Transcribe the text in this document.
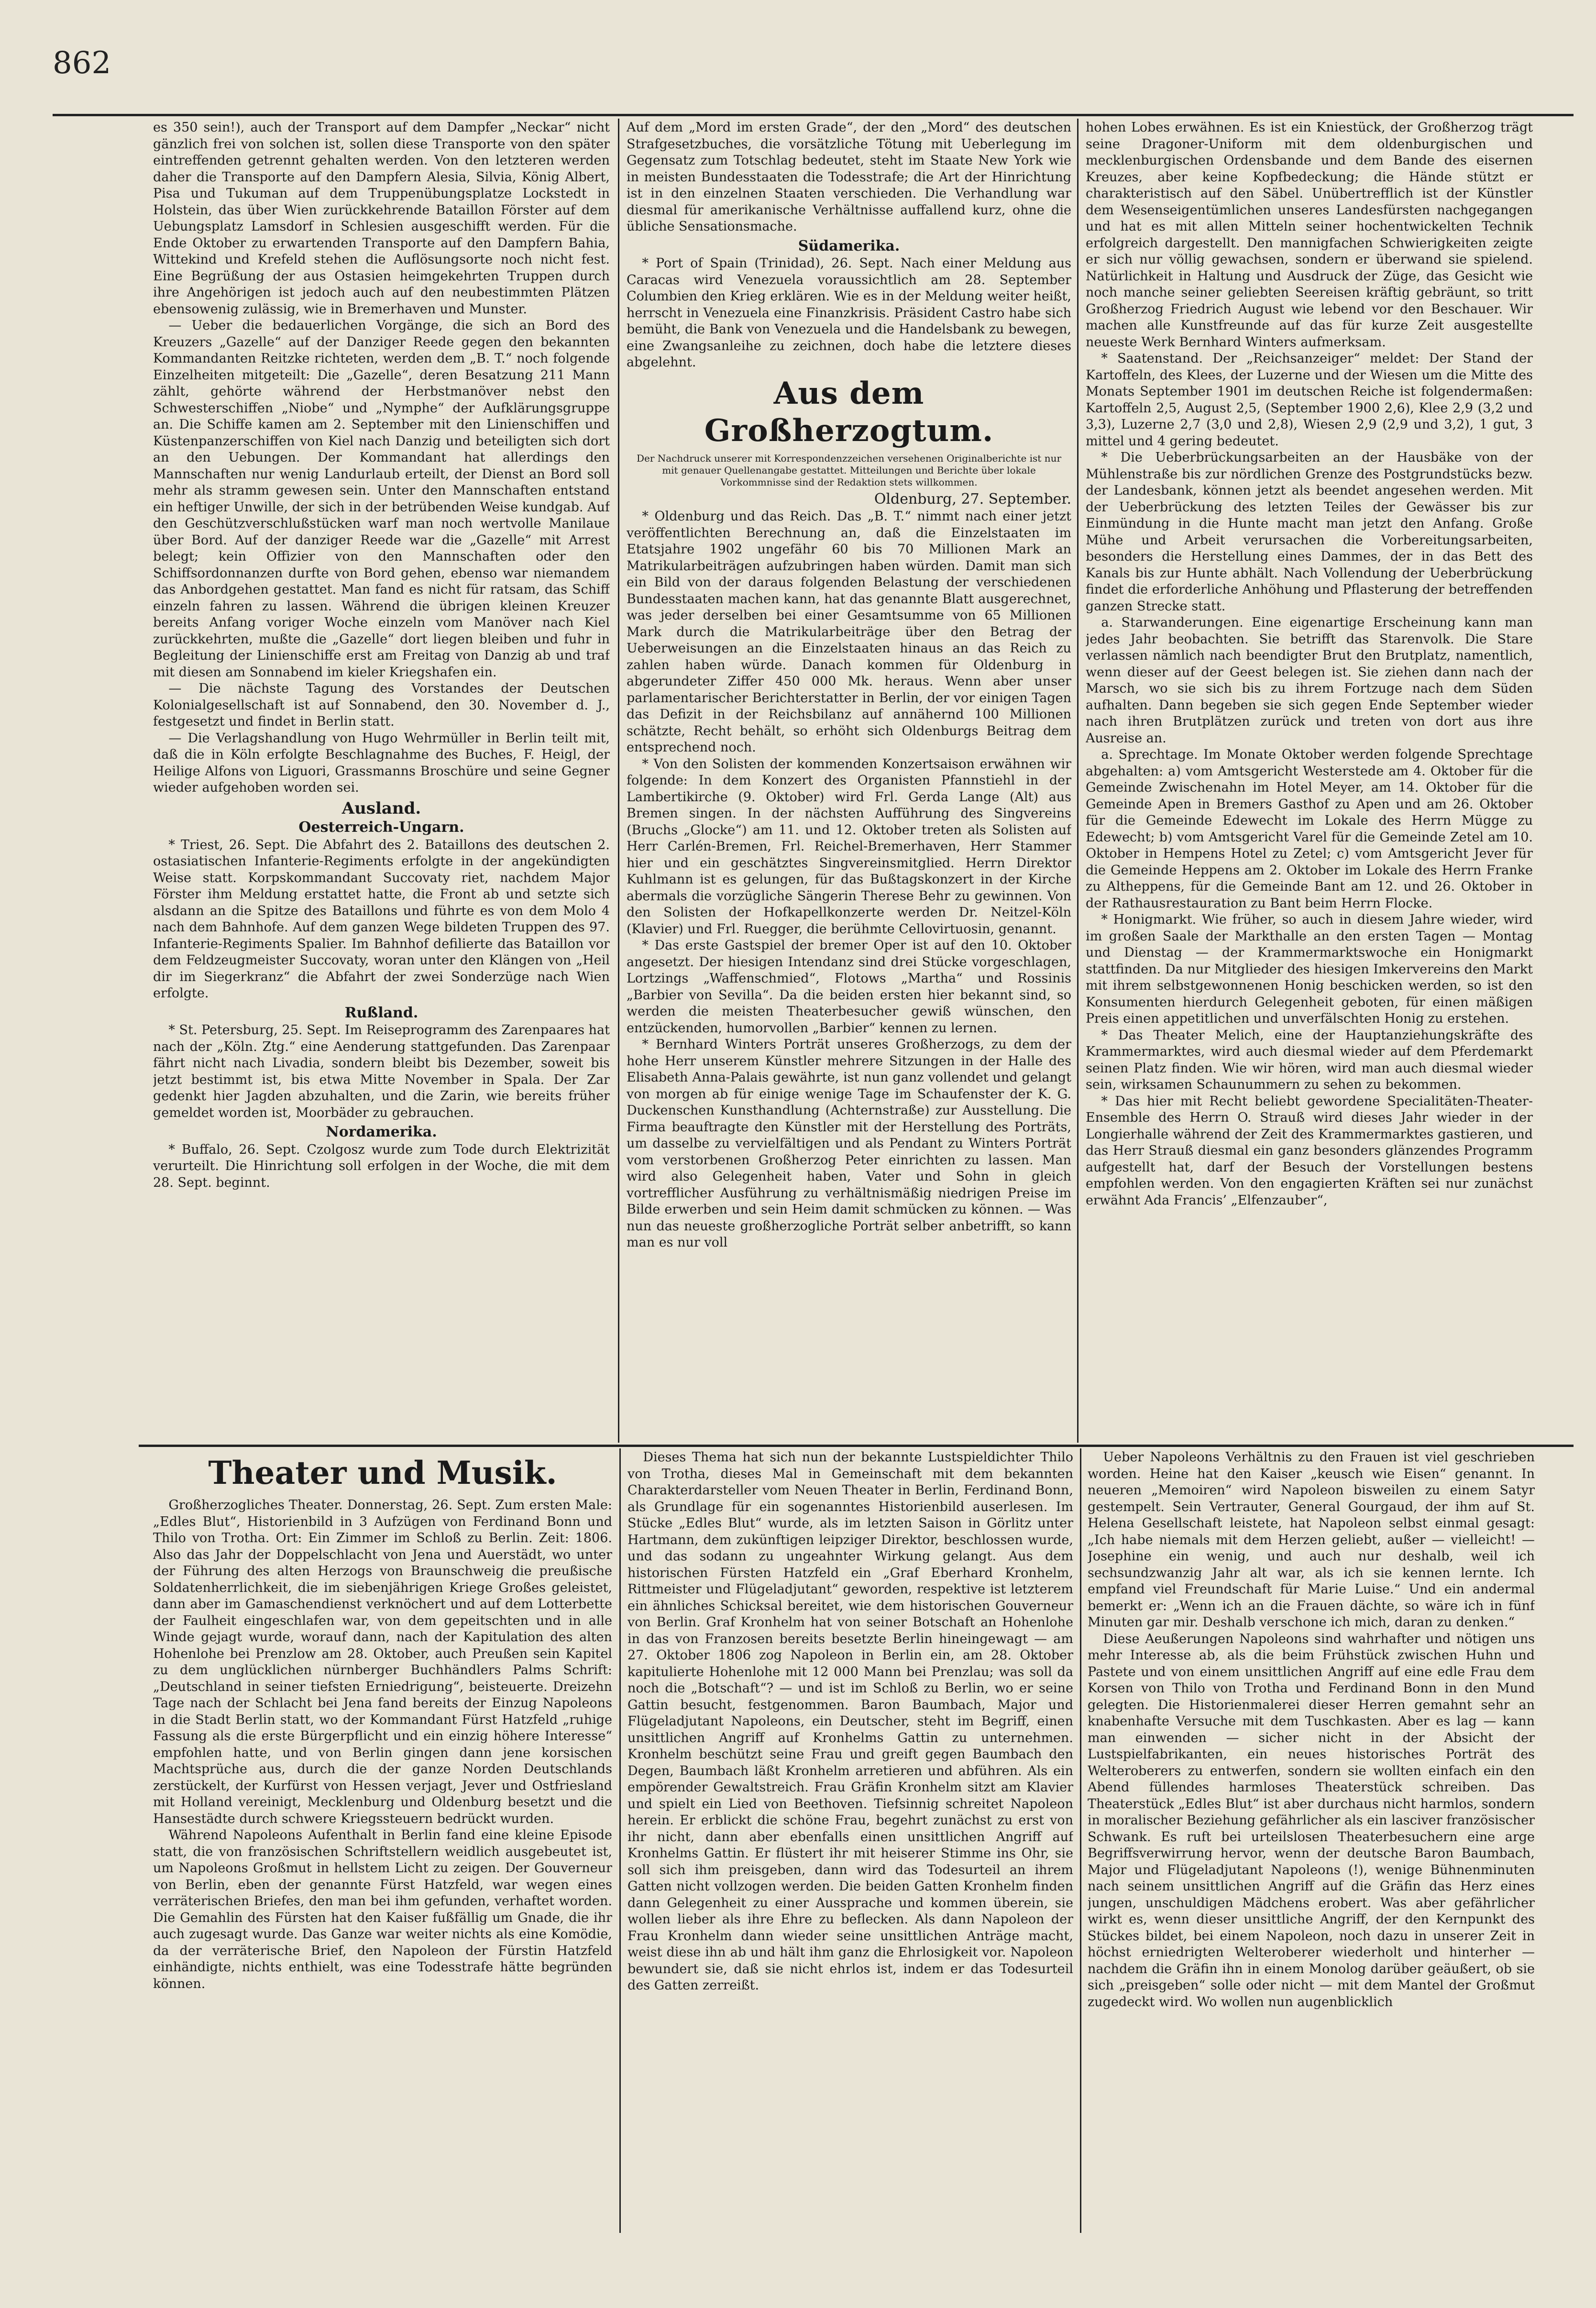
862

es 350 sein!), auch der Transport auf dem Dampfer „Neckar“ nicht gänzlich frei von solchen ist, sollen diese Transporte von den später eintreffenden getrennt gehalten werden. Von den letzteren werden daher die Transporte auf den Dampfern Alesia, Silvia, König Albert, Pisa und Tukuman auf dem Truppenübungsplatze Lockstedt in Holstein, das über Wien zurückkehrende Bataillon Förster auf dem Uebungsplatz Lamsdorf in Schlesien ausgeschifft werden. Für die Ende Oktober zu erwartenden Transporte auf den Dampfern Bahia, Wittekind und Krefeld stehen die Auflösungsorte noch nicht fest. Eine Begrüßung der aus Ostasien heimgekehrten Truppen durch ihre Angehörigen ist jedoch auch auf den neubestimmten Plätzen ebensowenig zulässig, wie in Bremerhaven und Munster.

— Ueber die bedauerlichen Vorgänge, die sich an Bord des Kreuzers „Gazelle“ auf der Danziger Reede gegen den bekannten Kommandanten Reitzke richteten, werden dem „B. T.“ noch folgende Einzelheiten mitgeteilt: Die „Gazelle“, deren Besatzung 211 Mann zählt, gehörte während der Herbstmanöver nebst den Schwesterschiffen „Niobe“ und „Nymphe“ der Aufklärungsgruppe an. Die Schiffe kamen am 2. September mit den Linienschiffen und Küstenpanzerschiffen von Kiel nach Danzig und beteiligten sich dort an den Uebungen. Der Kommandant hat allerdings den Mannschaften nur wenig Landurlaub erteilt, der Dienst an Bord soll mehr als stramm gewesen sein. Unter den Mannschaften entstand ein heftiger Unwille, der sich in der betrübenden Weise kundgab. Auf den Geschützverschlußstücken warf man noch wertvolle Manilaue über Bord. Auf der danziger Reede war die „Gazelle“ mit Arrest belegt; kein Offizier von den Mannschaften oder den Schiffsordonnanzen durfte von Bord gehen, ebenso war niemandem das Anbordgehen gestattet. Man fand es nicht für ratsam, das Schiff einzeln fahren zu lassen. Während die übrigen kleinen Kreuzer bereits Anfang voriger Woche einzeln vom Manöver nach Kiel zurückkehrten, mußte die „Gazelle“ dort liegen bleiben und fuhr in Begleitung der Linienschiffe erst am Freitag von Danzig ab und traf mit diesen am Sonnabend im kieler Kriegshafen ein.

— Die nächste Tagung des Vorstandes der Deutschen Kolonialgesellschaft ist auf Sonnabend, den 30. November d. J., festgesetzt und findet in Berlin statt.

— Die Verlagshandlung von Hugo Wehrmüller in Berlin teilt mit, daß die in Köln erfolgte Beschlagnahme des Buches, F. Heigl, der Heilige Alfons von Liguori, Grassmanns Broschüre und seine Gegner wieder aufgehoben worden sei.

Ausland.
Oesterreich-Ungarn.

* Triest, 26. Sept. Die Abfahrt des 2. Bataillons des deutschen 2. ostasiatischen Infanterie-Regiments erfolgte in der angekündigten Weise statt. Korpskommandant Succovaty riet, nachdem Major Förster ihm Meldung erstattet hatte, die Front ab und setzte sich alsdann an die Spitze des Bataillons und führte es von dem Molo 4 nach dem Bahnhofe. Auf dem ganzen Wege bildeten Truppen des 97. Infanterie-Regiments Spalier. Im Bahnhof defilierte das Bataillon vor dem Feldzeugmeister Succovaty, woran unter den Klängen von „Heil dir im Siegerkranz“ die Abfahrt der zwei Sonderzüge nach Wien erfolgte.

Rußland.

* St. Petersburg, 25. Sept. Im Reiseprogramm des Zarenpaares hat nach der „Köln. Ztg.“ eine Aenderung stattgefunden. Das Zarenpaar fährt nicht nach Livadia, sondern bleibt bis Dezember, soweit bis jetzt bestimmt ist, bis etwa Mitte November in Spala. Der Zar gedenkt hier Jagden abzuhalten, und die Zarin, wie bereits früher gemeldet worden ist, Moorbäder zu gebrauchen.

Nordamerika.

* Buffalo, 26. Sept. Czolgosz wurde zum Tode durch Elektrizität verurteilt. Die Hinrichtung soll erfolgen in der Woche, die mit dem 28. Sept. beginnt.

Auf dem „Mord im ersten Grade“, der den „Mord“ des deutschen Strafgesetzbuches, die vorsätzliche Tötung mit Ueberlegung im Gegensatz zum Totschlag bedeutet, steht im Staate New York wie in meisten Bundesstaaten die Todesstrafe; die Art der Hinrichtung ist in den einzelnen Staaten verschieden. Die Verhandlung war diesmal für amerikanische Verhältnisse auffallend kurz, ohne die übliche Sensationsmache.

Südamerika.

* Port of Spain (Trinidad), 26. Sept. Nach einer Meldung aus Caracas wird Venezuela voraussichtlich am 28. September Columbien den Krieg erklären. Wie es in der Meldung weiter heißt, herrscht in Venezuela eine Finanzkrisis. Präsident Castro habe sich bemüht, die Bank von Venezuela und die Handelsbank zu bewegen, eine Zwangsanleihe zu zeichnen, doch habe die letztere dieses abgelehnt.

Aus dem Großherzogtum.
Der Nachdruck unserer mit Korrespondenzzeichen versehenen Originalberichte ist nur mit genauer Quellenangabe gestattet. Mitteilungen und Berichte über lokale Vorkommnisse sind der Redaktion stets willkommen.
Oldenburg, 27. September.

* Oldenburg und das Reich. Das „B. T.“ nimmt nach einer jetzt veröffentlichten Berechnung an, daß die Einzelstaaten im Etatsjahre 1902 ungefähr 60 bis 70 Millionen Mark an Matrikularbeiträgen aufzubringen haben würden. Damit man sich ein Bild von der daraus folgenden Belastung der verschiedenen Bundesstaaten machen kann, hat das genannte Blatt ausgerechnet, was jeder derselben bei einer Gesamtsumme von 65 Millionen Mark durch die Matrikularbeiträge über den Betrag der Ueberweisungen an die Einzelstaaten hinaus an das Reich zu zahlen haben würde. Danach kommen für Oldenburg in abgerundeter Ziffer 450 000 Mk. heraus. Wenn aber unser parlamentarischer Berichterstatter in Berlin, der vor einigen Tagen das Defizit in der Reichsbilanz auf annähernd 100 Millionen schätzte, Recht behält, so erhöht sich Oldenburgs Beitrag dem entsprechend noch.

* Von den Solisten der kommenden Konzertsaison erwähnen wir folgende: In dem Konzert des Organisten Pfannstiehl in der Lambertikirche (9. Oktober) wird Frl. Gerda Lange (Alt) aus Bremen singen. In der nächsten Aufführung des Singvereins (Bruchs „Glocke“) am 11. und 12. Oktober treten als Solisten auf Herr Carlén-Bremen, Frl. Reichel-Bremerhaven, Herr Stammer hier und ein geschätztes Singvereinsmitglied. Herrn Direktor Kuhlmann ist es gelungen, für das Bußtagskonzert in der Kirche abermals die vorzügliche Sängerin Therese Behr zu gewinnen. Von den Solisten der Hofkapellkonzerte werden Dr. Neitzel-Köln (Klavier) und Frl. Ruegger, die berühmte Cellovirtuosin, genannt.

* Das erste Gastspiel der bremer Oper ist auf den 10. Oktober angesetzt. Der hiesigen Intendanz sind drei Stücke vorgeschlagen, Lortzings „Waffenschmied“, Flotows „Martha“ und Rossinis „Barbier von Sevilla“. Da die beiden ersten hier bekannt sind, so werden die meisten Theaterbesucher gewiß wünschen, den entzückenden, humorvollen „Barbier“ kennen zu lernen.

* Bernhard Winters Porträt unseres Großherzogs, zu dem der hohe Herr unserem Künstler mehrere Sitzungen in der Halle des Elisabeth Anna-Palais gewährte, ist nun ganz vollendet und gelangt von morgen ab für einige wenige Tage im Schaufenster der K. G. Duckenschen Kunsthandlung (Achternstraße) zur Ausstellung. Die Firma beauftragte den Künstler mit der Herstellung des Porträts, um dasselbe zu vervielfältigen und als Pendant zu Winters Porträt vom verstorbenen Großherzog Peter einrichten zu lassen. Man wird also Gelegenheit haben, Vater und Sohn in gleich vortrefflicher Ausführung zu verhältnismäßig niedrigen Preise im Bilde erwerben und sein Heim damit schmücken zu können. — Was nun das neueste großherzogliche Porträt selber anbetrifft, so kann man es nur voll

hohen Lobes erwähnen. Es ist ein Kniestück, der Großherzog trägt seine Dragoner-Uniform mit dem oldenburgischen und mecklenburgischen Ordensbande und dem Bande des eisernen Kreuzes, aber keine Kopfbedeckung; die Hände stützt er charakteristisch auf den Säbel. Unübertrefflich ist der Künstler dem Wesenseigentümlichen unseres Landesfürsten nachgegangen und hat es mit allen Mitteln seiner hochentwickelten Technik erfolgreich dargestellt. Den mannigfachen Schwierigkeiten zeigte er sich nur völlig gewachsen, sondern er überwand sie spielend. Natürlichkeit in Haltung und Ausdruck der Züge, das Gesicht wie noch manche seiner geliebten Seereisen kräftig gebräunt, so tritt Großherzog Friedrich August wie lebend vor den Beschauer. Wir machen alle Kunstfreunde auf das für kurze Zeit ausgestellte neueste Werk Bernhard Winters aufmerksam.

* Saatenstand. Der „Reichsanzeiger“ meldet: Der Stand der Kartoffeln, des Klees, der Luzerne und der Wiesen um die Mitte des Monats September 1901 im deutschen Reiche ist folgendermaßen: Kartoffeln 2,5, August 2,5, (September 1900 2,6), Klee 2,9 (3,2 und 3,3), Luzerne 2,7 (3,0 und 2,8), Wiesen 2,9 (2,9 und 3,2), 1 gut, 3 mittel und 4 gering bedeutet.

* Die Ueberbrückungsarbeiten an der Hausbäke von der Mühlenstraße bis zur nördlichen Grenze des Postgrundstücks bezw. der Landesbank, können jetzt als beendet angesehen werden. Mit der Ueberbrückung des letzten Teiles der Gewässer bis zur Einmündung in die Hunte macht man jetzt den Anfang. Große Mühe und Arbeit verursachen die Vorbereitungsarbeiten, besonders die Herstellung eines Dammes, der in das Bett des Kanals bis zur Hunte abhält. Nach Vollendung der Ueberbrückung findet die erforderliche Anhöhung und Pflasterung der betreffenden ganzen Strecke statt.

a. Starwanderungen. Eine eigenartige Erscheinung kann man jedes Jahr beobachten. Sie betrifft das Starenvolk. Die Stare verlassen nämlich nach beendigter Brut den Brutplatz, namentlich, wenn dieser auf der Geest belegen ist. Sie ziehen dann nach der Marsch, wo sie sich bis zu ihrem Fortzuge nach dem Süden aufhalten. Dann begeben sie sich gegen Ende September wieder nach ihren Brutplätzen zurück und treten von dort aus ihre Ausreise an.

a. Sprechtage. Im Monate Oktober werden folgende Sprechtage abgehalten: a) vom Amtsgericht Westerstede am 4. Oktober für die Gemeinde Zwischenahn im Hotel Meyer, am 14. Oktober für die Gemeinde Apen in Bremers Gasthof zu Apen und am 26. Oktober für die Gemeinde Edewecht im Lokale des Herrn Mügge zu Edewecht; b) vom Amtsgericht Varel für die Gemeinde Zetel am 10. Oktober in Hempens Hotel zu Zetel; c) vom Amtsgericht Jever für die Gemeinde Heppens am 2. Oktober im Lokale des Herrn Franke zu Altheppens, für die Gemeinde Bant am 12. und 26. Oktober in der Rathausrestauration zu Bant beim Herrn Flocke.

* Honigmarkt. Wie früher, so auch in diesem Jahre wieder, wird im großen Saale der Markthalle an den ersten Tagen — Montag und Dienstag — der Krammermarktswoche ein Honigmarkt stattfinden. Da nur Mitglieder des hiesigen Imkervereins den Markt mit ihrem selbstgewonnenen Honig beschicken werden, so ist den Konsumenten hierdurch Gelegenheit geboten, für einen mäßigen Preis einen appetitlichen und unverfälschten Honig zu erstehen.

* Das Theater Melich, eine der Hauptanziehungskräfte des Krammermarktes, wird auch diesmal wieder auf dem Pferdemarkt seinen Platz finden. Wie wir hören, wird man auch diesmal wieder sein, wirksamen Schaunummern zu sehen zu bekommen.

* Das hier mit Recht beliebt gewordene Specialitäten-Theater-Ensemble des Herrn O. Strauß wird dieses Jahr wieder in der Longierhalle während der Zeit des Krammermarktes gastieren, und das Herr Strauß diesmal ein ganz besonders glänzendes Programm aufgestellt hat, darf der Besuch der Vorstellungen bestens empfohlen werden. Von den engagierten Kräften sei nur zunächst erwähnt Ada Francis’ „Elfenzauber“,

Theater und Musik.

Großherzogliches Theater. Donnerstag, 26. Sept. Zum ersten Male: „Edles Blut“, Historienbild in 3 Aufzügen von Ferdinand Bonn und Thilo von Trotha. Ort: Ein Zimmer im Schloß zu Berlin. Zeit: 1806. Also das Jahr der Doppelschlacht von Jena und Auerstädt, wo unter der Führung des alten Herzogs von Braunschweig die preußische Soldatenherrlichkeit, die im siebenjährigen Kriege Großes geleistet, dann aber im Gamaschendienst verknöchert und auf dem Lotterbette der Faulheit eingeschlafen war, von dem gepeitschten und in alle Winde gejagt wurde, worauf dann, nach der Kapitulation des alten Hohenlohe bei Prenzlow am 28. Oktober, auch Preußen sein Kapitel zu dem unglücklichen nürnberger Buchhändlers Palms Schrift: „Deutschland in seiner tiefsten Erniedrigung“, beisteuerte. Dreizehn Tage nach der Schlacht bei Jena fand bereits der Einzug Napoleons in die Stadt Berlin statt, wo der Kommandant Fürst Hatzfeld „ruhige Fassung als die erste Bürgerpflicht und ein einzig höhere Interesse“ empfohlen hatte, und von Berlin gingen dann jene korsischen Machtsprüche aus, durch die der ganze Norden Deutschlands zerstückelt, der Kurfürst von Hessen verjagt, Jever und Ostfriesland mit Holland vereinigt, Mecklenburg und Oldenburg besetzt und die Hansestädte durch schwere Kriegssteuern bedrückt wurden.

Während Napoleons Aufenthalt in Berlin fand eine kleine Episode statt, die von französischen Schriftstellern weidlich ausgebeutet ist, um Napoleons Großmut in hellstem Licht zu zeigen. Der Gouverneur von Berlin, eben der genannte Fürst Hatzfeld, war wegen eines verräterischen Briefes, den man bei ihm gefunden, verhaftet worden. Die Gemahlin des Fürsten hat den Kaiser fußfällig um Gnade, die ihr auch zugesagt wurde. Das Ganze war weiter nichts als eine Komödie, da der verräterische Brief, den Napoleon der Fürstin Hatzfeld einhändigte, nichts enthielt, was eine Todesstrafe hätte begründen können.

Dieses Thema hat sich nun der bekannte Lustspieldichter Thilo von Trotha, dieses Mal in Gemeinschaft mit dem bekannten Charakterdarsteller vom Neuen Theater in Berlin, Ferdinand Bonn, als Grundlage für ein sogenanntes Historienbild auserlesen. Im Stücke „Edles Blut“ wurde, als im letzten Saison in Görlitz unter Hartmann, dem zukünftigen leipziger Direktor, beschlossen wurde, und das sodann zu ungeahnter Wirkung gelangt. Aus dem historischen Fürsten Hatzfeld ein „Graf Eberhard Kronhelm, Rittmeister und Flügeladjutant“ geworden, respektive ist letzterem ein ähnliches Schicksal bereitet, wie dem historischen Gouverneur von Berlin. Graf Kronhelm hat von seiner Botschaft an Hohenlohe in das von Franzosen bereits besetzte Berlin hineingewagt — am 27. Oktober 1806 zog Napoleon in Berlin ein, am 28. Oktober kapitulierte Hohenlohe mit 12 000 Mann bei Prenzlau; was soll da noch die „Botschaft“? — und ist im Schloß zu Berlin, wo er seine Gattin besucht, festgenommen. Baron Baumbach, Major und Flügeladjutant Napoleons, ein Deutscher, steht im Begriff, einen unsittlichen Angriff auf Kronhelms Gattin zu unternehmen. Kronhelm beschützt seine Frau und greift gegen Baumbach den Degen, Baumbach läßt Kronhelm arretieren und abführen. Als ein empörender Gewaltstreich. Frau Gräfin Kronhelm sitzt am Klavier und spielt ein Lied von Beethoven. Tiefsinnig schreitet Napoleon herein. Er erblickt die schöne Frau, begehrt zunächst zu erst von ihr nicht, dann aber ebenfalls einen unsittlichen Angriff auf Kronhelms Gattin. Er flüstert ihr mit heiserer Stimme ins Ohr, sie soll sich ihm preisgeben, dann wird das Todesurteil an ihrem Gatten nicht vollzogen werden. Die beiden Gatten Kronhelm finden dann Gelegenheit zu einer Aussprache und kommen überein, sie wollen lieber als ihre Ehre zu beflecken. Als dann Napoleon der Frau Kronhelm dann wieder seine unsittlichen Anträge macht, weist diese ihn ab und hält ihm ganz die Ehrlosigkeit vor. Napoleon bewundert sie, daß sie nicht ehrlos ist, indem er das Todesurteil des Gatten zerreißt.

Ueber Napoleons Verhältnis zu den Frauen ist viel geschrieben worden. Heine hat den Kaiser „keusch wie Eisen“ genannt. In neueren „Memoiren“ wird Napoleon bisweilen zu einem Satyr gestempelt. Sein Vertrauter, General Gourgaud, der ihm auf St. Helena Gesellschaft leistete, hat Napoleon selbst einmal gesagt: „Ich habe niemals mit dem Herzen geliebt, außer — vielleicht! — Josephine ein wenig, und auch nur deshalb, weil ich sechsundzwanzig Jahr alt war, als ich sie kennen lernte. Ich empfand viel Freundschaft für Marie Luise.“ Und ein andermal bemerkt er: „Wenn ich an die Frauen dächte, so wäre ich in fünf Minuten gar mir. Deshalb verschone ich mich, daran zu denken.“

Diese Aeußerungen Napoleons sind wahrhafter und nötigen uns mehr Interesse ab, als die beim Frühstück zwischen Huhn und Pastete und von einem unsittlichen Angriff auf eine edle Frau dem Korsen von Thilo von Trotha und Ferdinand Bonn in den Mund gelegten. Die Historienmalerei dieser Herren gemahnt sehr an knabenhafte Versuche mit dem Tuschkasten. Aber es lag — kann man einwenden — sicher nicht in der Absicht der Lustspielfabrikanten, ein neues historisches Porträt des Welteroberers zu entwerfen, sondern sie wollten einfach ein den Abend füllendes harmloses Theaterstück schreiben. Das Theaterstück „Edles Blut“ ist aber durchaus nicht harmlos, sondern in moralischer Beziehung gefährlicher als ein lasciver französischer Schwank. Es ruft bei urteilslosen Theaterbesuchern eine arge Begriffsverwirrung hervor, wenn der deutsche Baron Baumbach, Major und Flügeladjutant Napoleons (!), wenige Bühnenminuten nach seinem unsittlichen Angriff auf die Gräfin das Herz eines jungen, unschuldigen Mädchens erobert. Was aber gefährlicher wirkt es, wenn dieser unsittliche Angriff, der den Kernpunkt des Stückes bildet, bei einem Napoleon, noch dazu in unserer Zeit in höchst erniedrigten Welteroberer wiederholt und hinterher — nachdem die Gräfin ihn in einem Monolog darüber geäußert, ob sie sich „preisgeben“ solle oder nicht — mit dem Mantel der Großmut zugedeckt wird. Wo wollen nun augenblicklich
